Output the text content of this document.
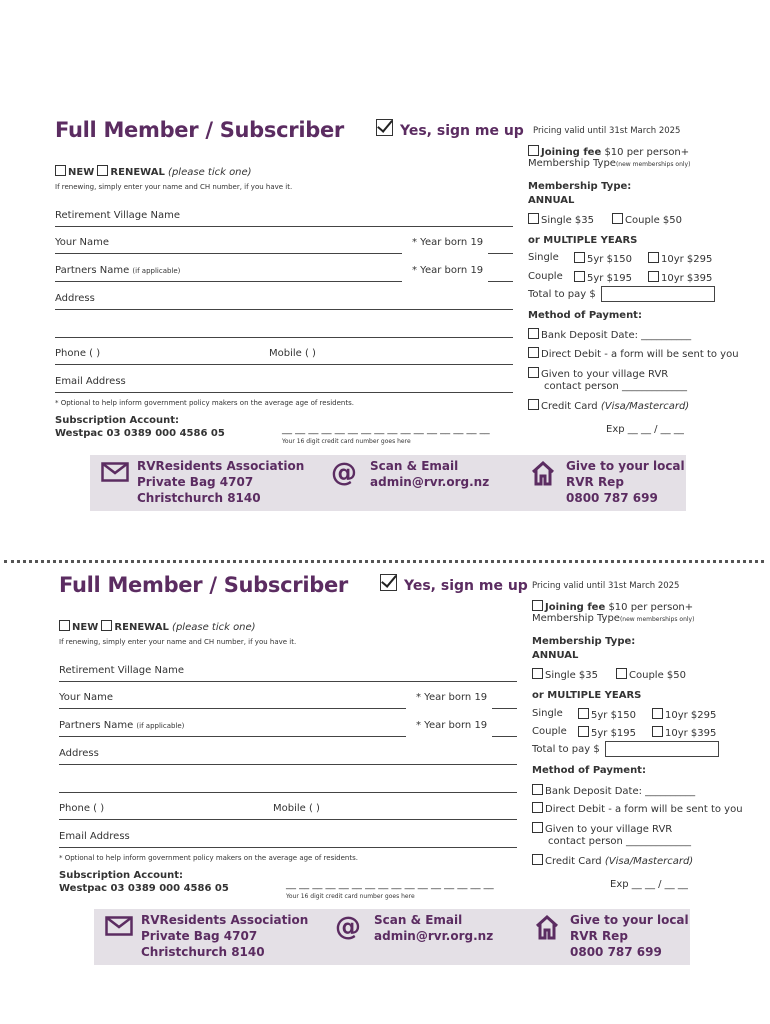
Full Member / Subscriber	Yes, sign me up
NEW RENEWAL (please tick one)
If renewing, simply enter your name and CH number, if you have it.
Retirement Village Name
Your Name	* Year born 19
Partners Name (if applicable)	* Year born 19
Address
Phone ( )	Mobile ( )
Email Address
* Optional to help inform government policy makers on the average age of residents.
Subscription Account:
Westpac 03 0389 000 4586 05	__ __ __ __ __ __ __ __ __ __ __ __ __ __ __ __	Exp __ __ / __ __
Your 16 digit credit card number goes here
Pricing valid until 31st March 2025
Joining fee $10 per person+
Membership Type(new memberships only)
Membership Type:
ANNUAL
Single $35	Couple $50
or MULTIPLE YEARS
Single	5yr $150	10yr $295
Couple	5yr $195	10yr $395
Total to pay $
Method of Payment:
Bank Deposit Date: __________
Direct Debit - a form will be sent to you
Given to your village RVR
contact person _____________
Credit Card (Visa/Mastercard)
RVResidents Association
Private Bag 4707
Christchurch 8140
@ Scan & Email
admin@rvr.org.nz
Give to your local
RVR Rep
0800 787 699
Full Member / Subscriber	Yes, sign me up
NEW RENEWAL (please tick one)
If renewing, simply enter your name and CH number, if you have it.
Retirement Village Name
Your Name	* Year born 19
Partners Name (if applicable)	* Year born 19
Address
Phone ( )	Mobile ( )
Email Address
* Optional to help inform government policy makers on the average age of residents.
Subscription Account:
Westpac 03 0389 000 4586 05	__ __ __ __ __ __ __ __ __ __ __ __ __ __ __ __	Exp __ __ / __ __
Your 16 digit credit card number goes here
Pricing valid until 31st March 2025
Joining fee $10 per person+
Membership Type(new memberships only)
Membership Type:
ANNUAL
Single $35	Couple $50
or MULTIPLE YEARS
Single	5yr $150	10yr $295
Couple	5yr $195	10yr $395
Total to pay $
Method of Payment:
Bank Deposit Date: __________
Direct Debit - a form will be sent to you
Given to your village RVR
contact person _____________
Credit Card (Visa/Mastercard)
RVResidents Association
Private Bag 4707
Christchurch 8140
@ Scan & Email
admin@rvr.org.nz
Give to your local
RVR Rep
0800 787 699
